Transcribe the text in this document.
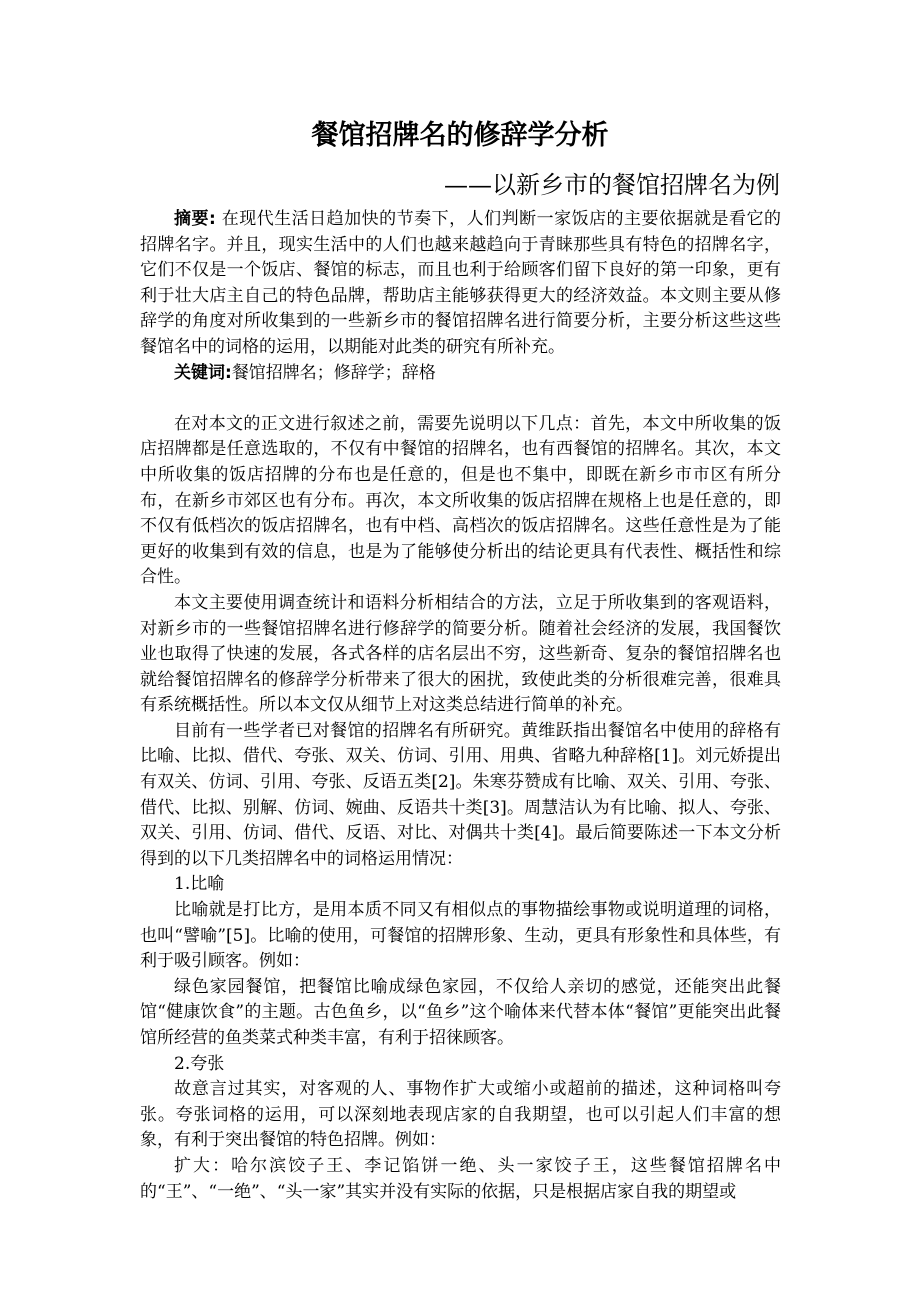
餐馆招牌名的修辞学分析
——以新乡市的餐馆招牌名为例

摘要: 在现代生活日趋加快的节奏下，人们判断一家饭店的主要依据就是看它的招牌名字。并且，现实生活中的人们也越来越趋向于青睐那些具有特色的招牌名字，它们不仅是一个饭店、餐馆的标志，而且也利于给顾客们留下良好的第一印象，更有利于壮大店主自己的特色品牌，帮助店主能够获得更大的经济效益。本文则主要从修辞学的角度对所收集到的一些新乡市的餐馆招牌名进行简要分析，主要分析这些这些餐馆名中的词格的运用，以期能对此类的研究有所补充。

关键词:餐馆招牌名；修辞学；辞格

在对本文的正文进行叙述之前，需要先说明以下几点：首先，本文中所收集的饭店招牌都是任意选取的，不仅有中餐馆的招牌名，也有西餐馆的招牌名。其次，本文中所收集的饭店招牌的分布也是任意的，但是也不集中，即既在新乡市市区有所分布，在新乡市郊区也有分布。再次，本文所收集的饭店招牌在规格上也是任意的，即不仅有低档次的饭店招牌名，也有中档、高档次的饭店招牌名。这些任意性是为了能更好的收集到有效的信息，也是为了能够使分析出的结论更具有代表性、概括性和综合性。

本文主要使用调查统计和语料分析相结合的方法，立足于所收集到的客观语料，对新乡市的一些餐馆招牌名进行修辞学的简要分析。随着社会经济的发展，我国餐饮业也取得了快速的发展，各式各样的店名层出不穷，这些新奇、复杂的餐馆招牌名也就给餐馆招牌名的修辞学分析带来了很大的困扰，致使此类的分析很难完善，很难具有系统概括性。所以本文仅从细节上对这类总结进行简单的补充。

目前有一些学者已对餐馆的招牌名有所研究。黄维跃指出餐馆名中使用的辞格有比喻、比拟、借代、夸张、双关、仿词、引用、用典、省略九种辞格[1]。刘元娇提出有双关、仿词、引用、夸张、反语五类[2]。朱寒芬赞成有比喻、双关、引用、夸张、借代、比拟、别解、仿词、婉曲、反语共十类[3]。周慧洁认为有比喻、拟人、夸张、双关、引用、仿词、借代、反语、对比、对偶共十类[4]。最后简要陈述一下本文分析得到的以下几类招牌名中的词格运用情况：

1.比喻

比喻就是打比方，是用本质不同又有相似点的事物描绘事物或说明道理的词格，也叫“譬喻”[5]。比喻的使用，可餐馆的招牌形象、生动，更具有形象性和具体些，有利于吸引顾客。例如：

绿色家园餐馆，把餐馆比喻成绿色家园，不仅给人亲切的感觉，还能突出此餐馆“健康饮食”的主题。古色鱼乡，以“鱼乡”这个喻体来代替本体“餐馆”更能突出此餐馆所经营的鱼类菜式种类丰富，有利于招徕顾客。

2.夸张

故意言过其实，对客观的人、事物作扩大或缩小或超前的描述，这种词格叫夸张。夸张词格的运用，可以深刻地表现店家的自我期望，也可以引起人们丰富的想象，有利于突出餐馆的特色招牌。例如：

扩大：哈尔滨饺子王、李记馅饼一绝、头一家饺子王，这些餐馆招牌名中的“王”、“一绝”、“头一家”其实并没有实际的依据，只是根据店家自我的期望或
